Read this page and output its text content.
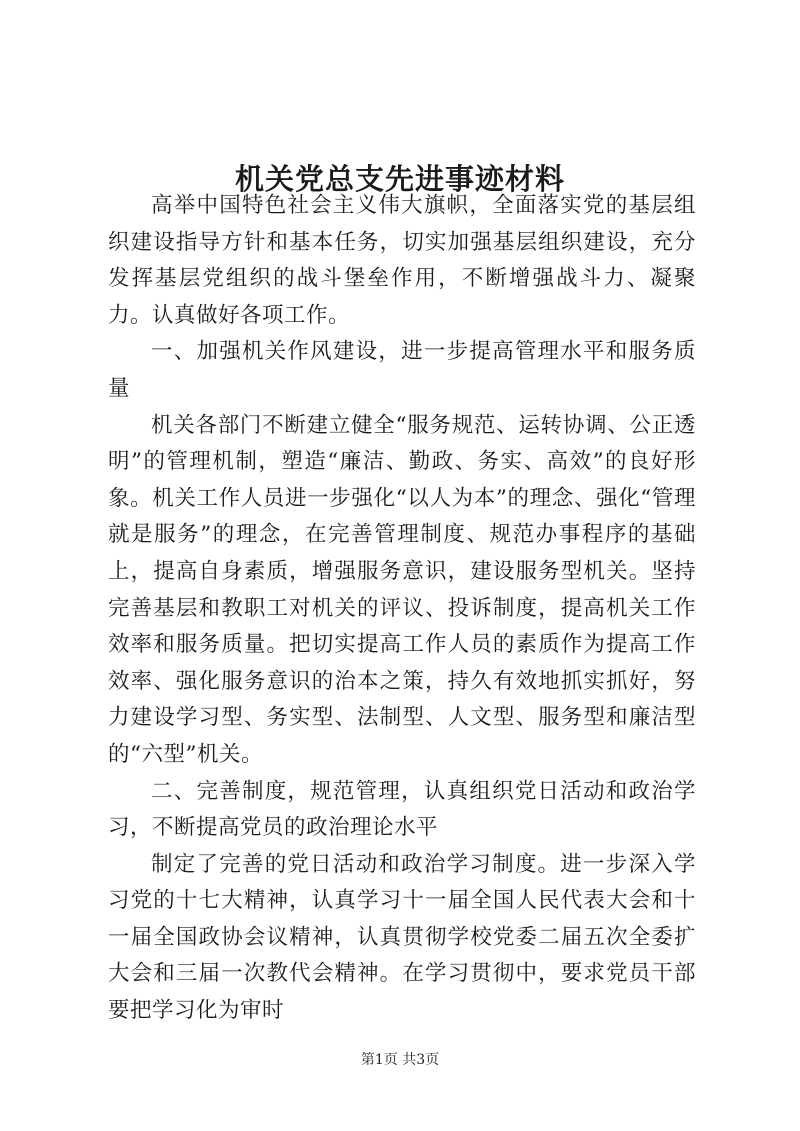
机关党总支先进事迹材料

高举中国特色社会主义伟大旗帜，全面落实党的基层组织建设指导方针和基本任务，切实加强基层组织建设，充分发挥基层党组织的战斗堡垒作用，不断增强战斗力、凝聚力。认真做好各项工作。

一、加强机关作风建设，进一步提高管理水平和服务质量

机关各部门不断建立健全“服务规范、运转协调、公正透明”的管理机制，塑造“廉洁、勤政、务实、高效”的良好形象。机关工作人员进一步强化“以人为本”的理念、强化“管理就是服务”的理念，在完善管理制度、规范办事程序的基础上，提高自身素质，增强服务意识，建设服务型机关。坚持完善基层和教职工对机关的评议、投诉制度，提高机关工作效率和服务质量。把切实提高工作人员的素质作为提高工作效率、强化服务意识的治本之策，持久有效地抓实抓好，努力建设学习型、务实型、法制型、人文型、服务型和廉洁型的“六型”机关。

二、完善制度，规范管理，认真组织党日活动和政治学习，不断提高党员的政治理论水平

制定了完善的党日活动和政治学习制度。进一步深入学习党的十七大精神，认真学习十一届全国人民代表大会和十一届全国政协会议精神，认真贯彻学校党委二届五次全委扩大会和三届一次教代会精神。在学习贯彻中，要求党员干部要把学习化为审时

第1页 共3页
